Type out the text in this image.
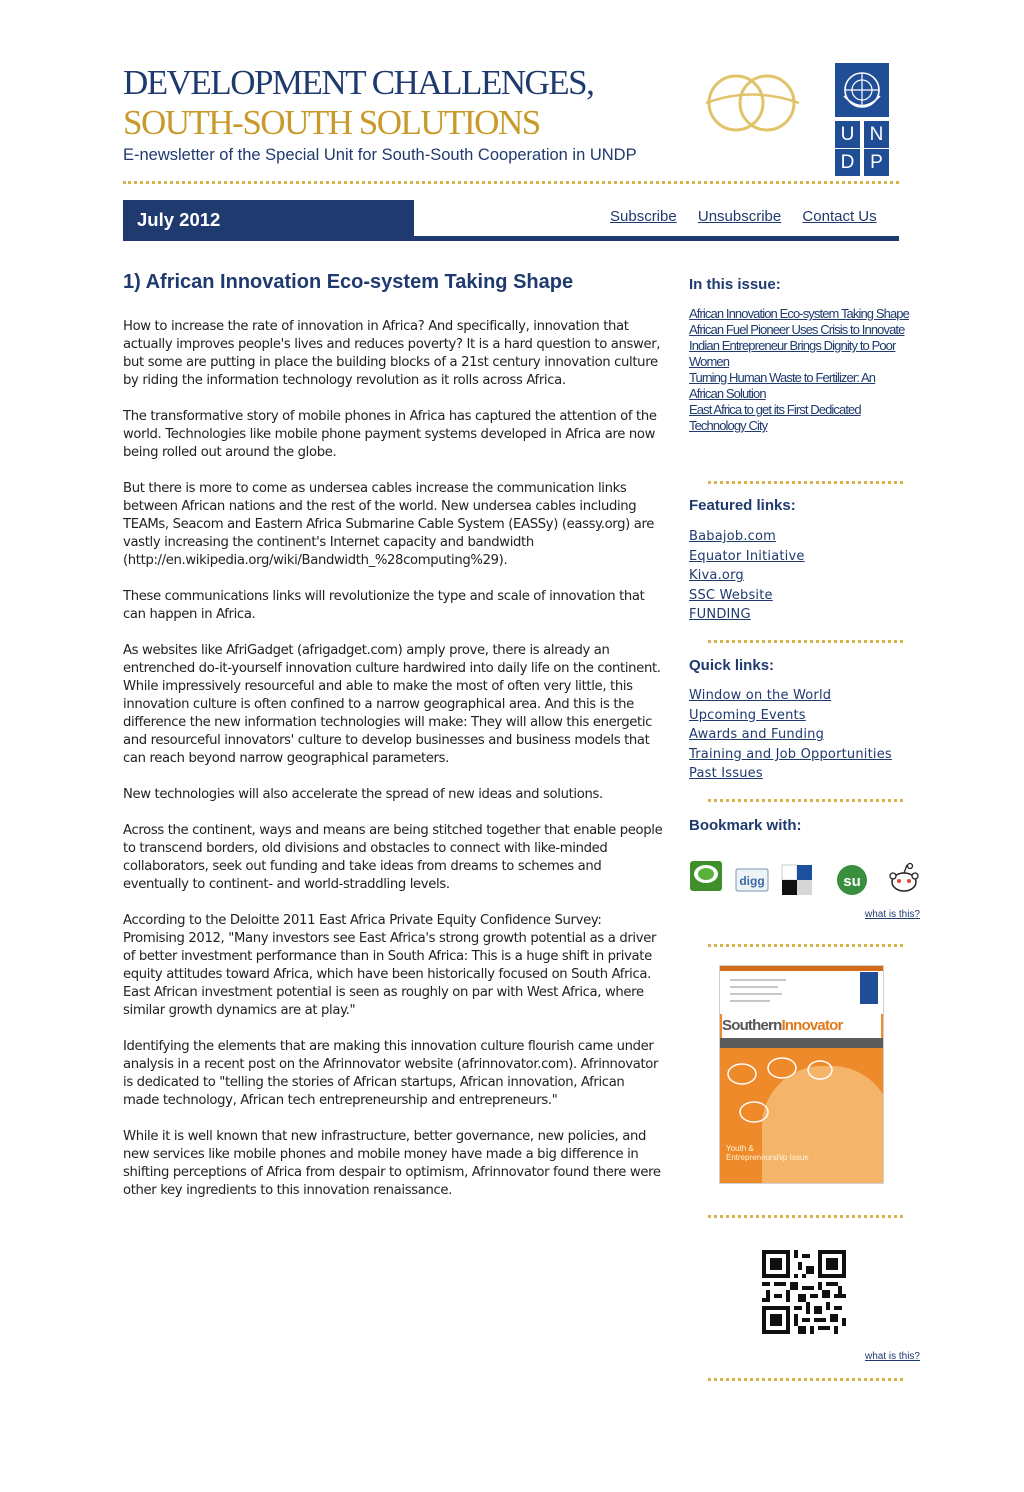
DEVELOPMENT CHALLENGES,
SOUTH-SOUTH SOLUTIONS

E-newsletter of the Special Unit for South-South Cooperation in UNDP

U N
D P
July 2012	Subscribe Unsubscribe Contact Us
1) African Innovation Eco-system Taking Shape

How to increase the rate of innovation in Africa? And specifically, innovation that actually improves people's lives and reduces poverty? It is a hard question to answer, but some are putting in place the building blocks of a 21st century innovation culture by riding the information technology revolution as it rolls across Africa.

The transformative story of mobile phones in Africa has captured the attention of the world. Technologies like mobile phone payment systems developed in Africa are now being rolled out around the globe.

But there is more to come as undersea cables increase the communication links between African nations and the rest of the world. New undersea cables including TEAMs, Seacom and Eastern Africa Submarine Cable System (EASSy) (eassy.org) are vastly increasing the continent's Internet capacity and bandwidth (http://en.wikipedia.org/wiki/Bandwidth_%28computing%29).

These communications links will revolutionize the type and scale of innovation that can happen in Africa.

As websites like AfriGadget (afrigadget.com) amply prove, there is already an entrenched do-it-yourself innovation culture hardwired into daily life on the continent. While impressively resourceful and able to make the most of often very little, this innovation culture is often confined to a narrow geographical area. And this is the difference the new information technologies will make: They will allow this energetic and resourceful innovators' culture to develop businesses and business models that can reach beyond narrow geographical parameters.

New technologies will also accelerate the spread of new ideas and solutions.

Across the continent, ways and means are being stitched together that enable people to transcend borders, old divisions and obstacles to connect with like-minded collaborators, seek out funding and take ideas from dreams to schemes and eventually to continent- and world-straddling levels.

According to the Deloitte 2011 East Africa Private Equity Confidence Survey: Promising 2012, "Many investors see East Africa's strong growth potential as a driver of better investment performance than in South Africa: This is a huge shift in private equity attitudes toward Africa, which have been historically focused on South Africa. East African investment potential is seen as roughly on par with West Africa, where similar growth dynamics are at play."

Identifying the elements that are making this innovation culture flourish came under analysis in a recent post on the Afrinnovator website (afrinnovator.com). Afrinnovator is dedicated to "telling the stories of African startups, African innovation, African made technology, African tech entrepreneurship and entrepreneurs."

While it is well known that new infrastructure, better governance, new policies, and new services like mobile phones and mobile money have made a big difference in shifting perceptions of Africa from despair to optimism, Afrinnovator found there were other key ingredients to this innovation renaissance.

In this issue:
African Innovation Eco-system Taking Shape
African Fuel Pioneer Uses Crisis to Innovate
Indian Entrepreneur Brings Dignity to Poor Women
Turning Human Waste to Fertilizer: An African Solution
East Africa to get its First Dedicated Technology City
Featured links:
Babajob.com
Equator Initiative
Kiva.org
SSC Website
FUNDING
Quick links:
Window on the World
Upcoming Events
Awards and Funding
Training and Job Opportunities
Past Issues
Bookmark with:
digg	su
what is this?
SouthernInnovator
Youth &
Entrepreneurship Issue
what is this?
